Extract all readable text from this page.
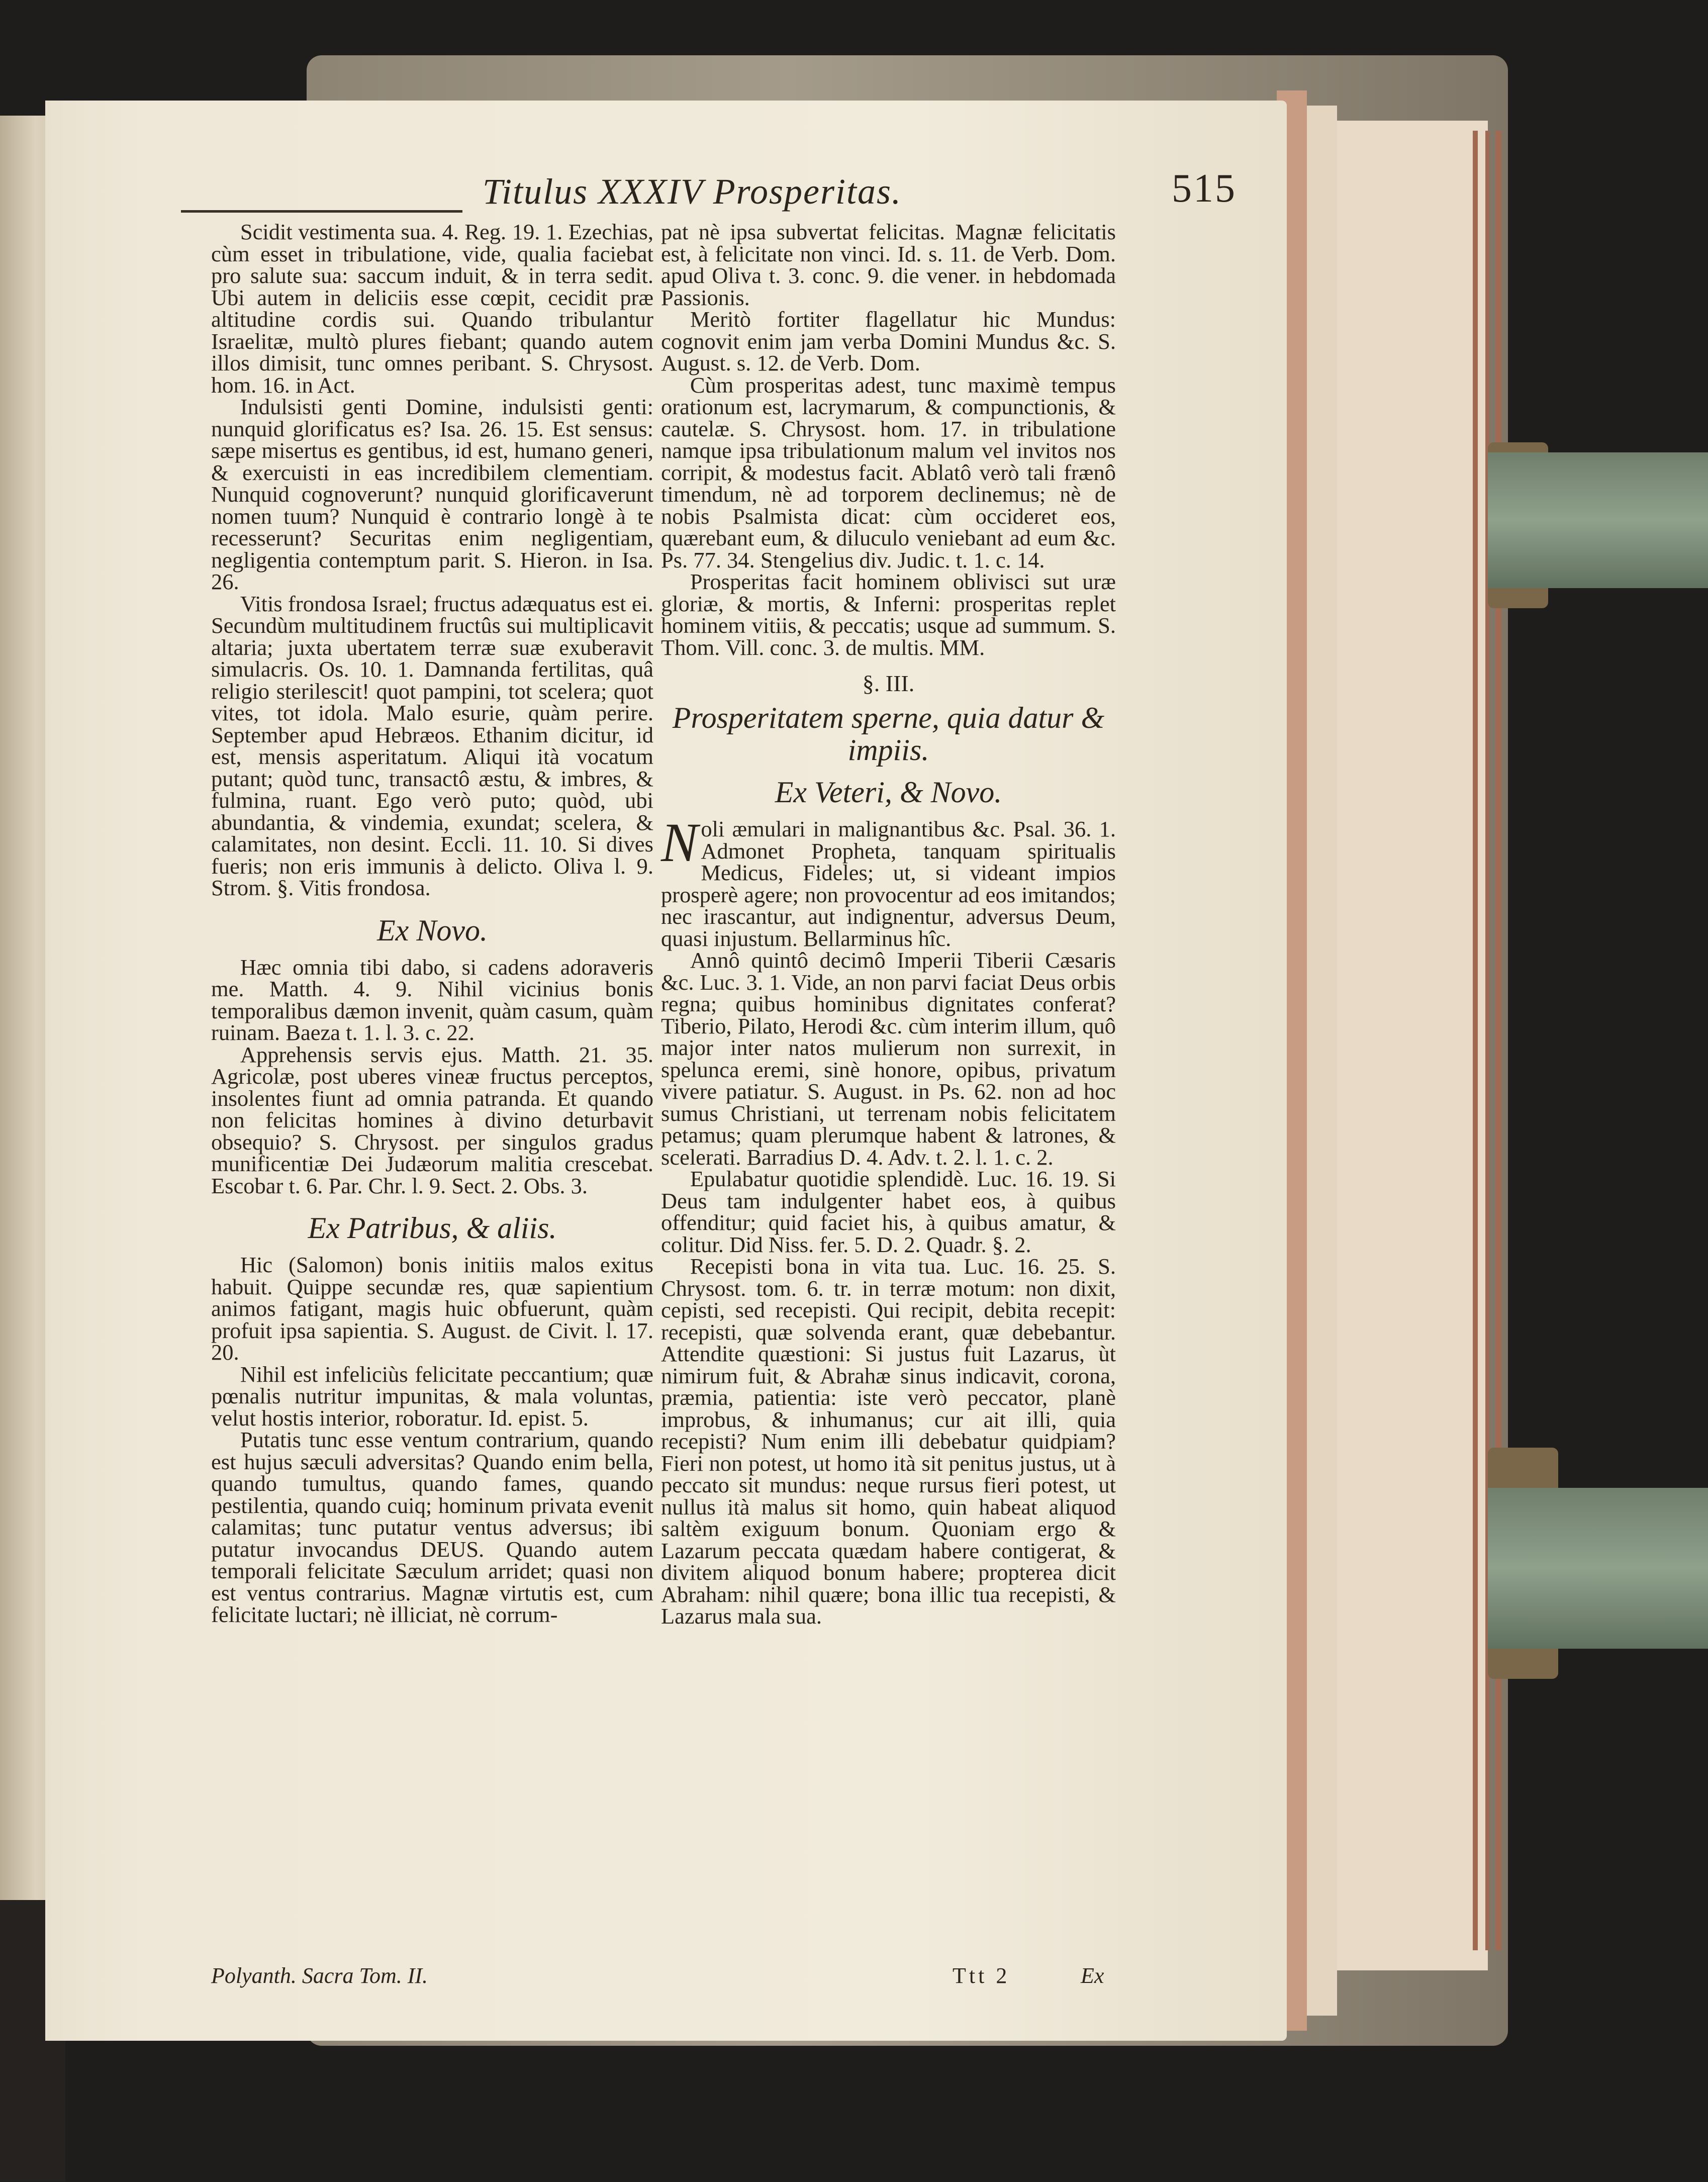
Titulus XXXIV Prosperitas.	515

Scidit vestimenta sua. 4. Reg. 19. 1. Ezechias, cùm esset in tribulatione, vide, qualia faciebat pro salute sua: saccum induit, & in terra sedit. Ubi autem in deliciis esse cœpit, cecidit præ altitudine cordis sui. Quando tribulantur Israelitæ, multò plures fiebant; quando autem illos dimisit, tunc omnes peribant. S. Chrysost. hom. 16. in Act.

Indulsisti genti Domine, indulsisti genti: nunquid glorificatus es? Isa. 26. 15. Est sensus: sæpe misertus es gentibus, id est, humano generi, & exercuisti in eas incredibilem clementiam. Nunquid cognoverunt? nunquid glorificaverunt nomen tuum? Nunquid è contrario longè à te recesserunt? Securitas enim negligentiam, negligentia contemptum parit. S. Hieron. in Isa. 26.

Vitis frondosa Israel; fructus adæquatus est ei. Secundùm multitudinem fructûs sui multiplicavit altaria; juxta ubertatem terræ suæ exuberavit simulacris. Os. 10. 1. Damnanda fertilitas, quâ religio sterilescit! quot pampini, tot scelera; quot vites, tot idola. Malo esurie, quàm perire. September apud Hebræos. Ethanim dicitur, id est, mensis asperitatum. Aliqui ità vocatum putant; quòd tunc, transactô æstu, & imbres, & fulmina, ruant. Ego verò puto; quòd, ubi abundantia, & vindemia, exundat; scelera, & calamitates, non desint. Eccli. 11. 10. Si dives fueris; non eris immunis à delicto. Oliva l. 9. Strom. §. Vitis frondosa.

Ex Novo.

Hæc omnia tibi dabo, si cadens adoraveris me. Matth. 4. 9. Nihil vicinius bonis temporalibus dæmon invenit, quàm casum, quàm ruinam. Baeza t. 1. l. 3. c. 22.

Apprehensis servis ejus. Matth. 21. 35. Agricolæ, post uberes vineæ fructus perceptos, insolentes fiunt ad omnia patranda. Et quando non felicitas homines à divino deturbavit obsequio? S. Chrysost. per singulos gradus munificentiæ Dei Judæorum malitia crescebat. Escobar t. 6. Par. Chr. l. 9. Sect. 2. Obs. 3.

Ex Patribus, & aliis.

Hic (Salomon) bonis initiis malos exitus habuit. Quippe secundæ res, quæ sapientium animos fatigant, magis huic obfuerunt, quàm profuit ipsa sapientia. S. August. de Civit. l. 17. 20.

Nihil est infeliciùs felicitate peccantium; quæ pœnalis nutritur impunitas, & mala voluntas, velut hostis interior, roboratur. Id. epist. 5.

Putatis tunc esse ventum contrarium, quando est hujus sæculi adversitas? Quando enim bella, quando tumultus, quando fames, quando pestilentia, quando cuiq; hominum privata evenit calamitas; tunc putatur ventus adversus; ibi putatur invocandus DEUS. Quando autem temporali felicitate Sæculum arridet; quasi non est ventus contrarius. Magnæ virtutis est, cum felicitate luctari; nè illiciat, nè corrum-

pat nè ipsa subvertat felicitas. Magnæ felicitatis est, à felicitate non vinci. Id. s. 11. de Verb. Dom. apud Oliva t. 3. conc. 9. die vener. in hebdomada Passionis.

Meritò fortiter flagellatur hic Mundus: cognovit enim jam verba Domini Mundus &c. S. August. s. 12. de Verb. Dom.

Cùm prosperitas adest, tunc maximè tempus orationum est, lacrymarum, & compunctionis, & cautelæ. S. Chrysost. hom. 17. in tribulatione namque ipsa tribulationum malum vel invitos nos corripit, & modestus facit. Ablatô verò tali frænô timendum, nè ad torporem declinemus; nè de nobis Psalmista dicat: cùm occideret eos, quærebant eum, & diluculo veniebant ad eum &c. Ps. 77. 34. Stengelius div. Judic. t. 1. c. 14.

Prosperitas facit hominem oblivisci sut uræ gloriæ, & mortis, & Inferni: prosperitas replet hominem vitiis, & peccatis; usque ad summum. S. Thom. Vill. conc. 3. de multis. MM.

§. III.
Prosperitatem sperne, quia datur & impiis.
Ex Veteri, & Novo.

Noli æmulari in malignantibus &c. Psal. 36. 1. Admonet Propheta, tanquam spiritualis Medicus, Fideles; ut, si videant impios prosperè agere; non provocentur ad eos imitandos; nec irascantur, aut indignentur, adversus Deum, quasi injustum. Bellarminus hîc.

Annô quintô decimô Imperii Tiberii Cæsaris &c. Luc. 3. 1. Vide, an non parvi faciat Deus orbis regna; quibus hominibus dignitates conferat? Tiberio, Pilato, Herodi &c. cùm interim illum, quô major inter natos mulierum non surrexit, in spelunca eremi, sinè honore, opibus, privatum vivere patiatur. S. August. in Ps. 62. non ad hoc sumus Christiani, ut terrenam nobis felicitatem petamus; quam plerumque habent & latrones, & scelerati. Barradius D. 4. Adv. t. 2. l. 1. c. 2.

Epulabatur quotidie splendidè. Luc. 16. 19. Si Deus tam indulgenter habet eos, à quibus offenditur; quid faciet his, à quibus amatur, & colitur. Did Niss. fer. 5. D. 2. Quadr. §. 2.

Recepisti bona in vita tua. Luc. 16. 25. S. Chrysost. tom. 6. tr. in terræ motum: non dixit, cepisti, sed recepisti. Qui recipit, debita recepit: recepisti, quæ solvenda erant, quæ debebantur. Attendite quæstioni: Si justus fuit Lazarus, ùt nimirum fuit, & Abrahæ sinus indicavit, corona, præmia, patientia: iste verò peccator, planè improbus, & inhumanus; cur ait illi, quia recepisti? Num enim illi debebatur quidpiam? Fieri non potest, ut homo ità sit penitus justus, ut à peccato sit mundus: neque rursus fieri potest, ut nullus ità malus sit homo, quin habeat aliquod saltèm exiguum bonum. Quoniam ergo & Lazarum peccata quædam habere contigerat, & divitem aliquod bonum habere; propterea dicit Abraham: nihil quære; bona illic tua recepisti, & Lazarus mala sua.

Polyanth. Sacra Tom. II.	Ttt 2	Ex
